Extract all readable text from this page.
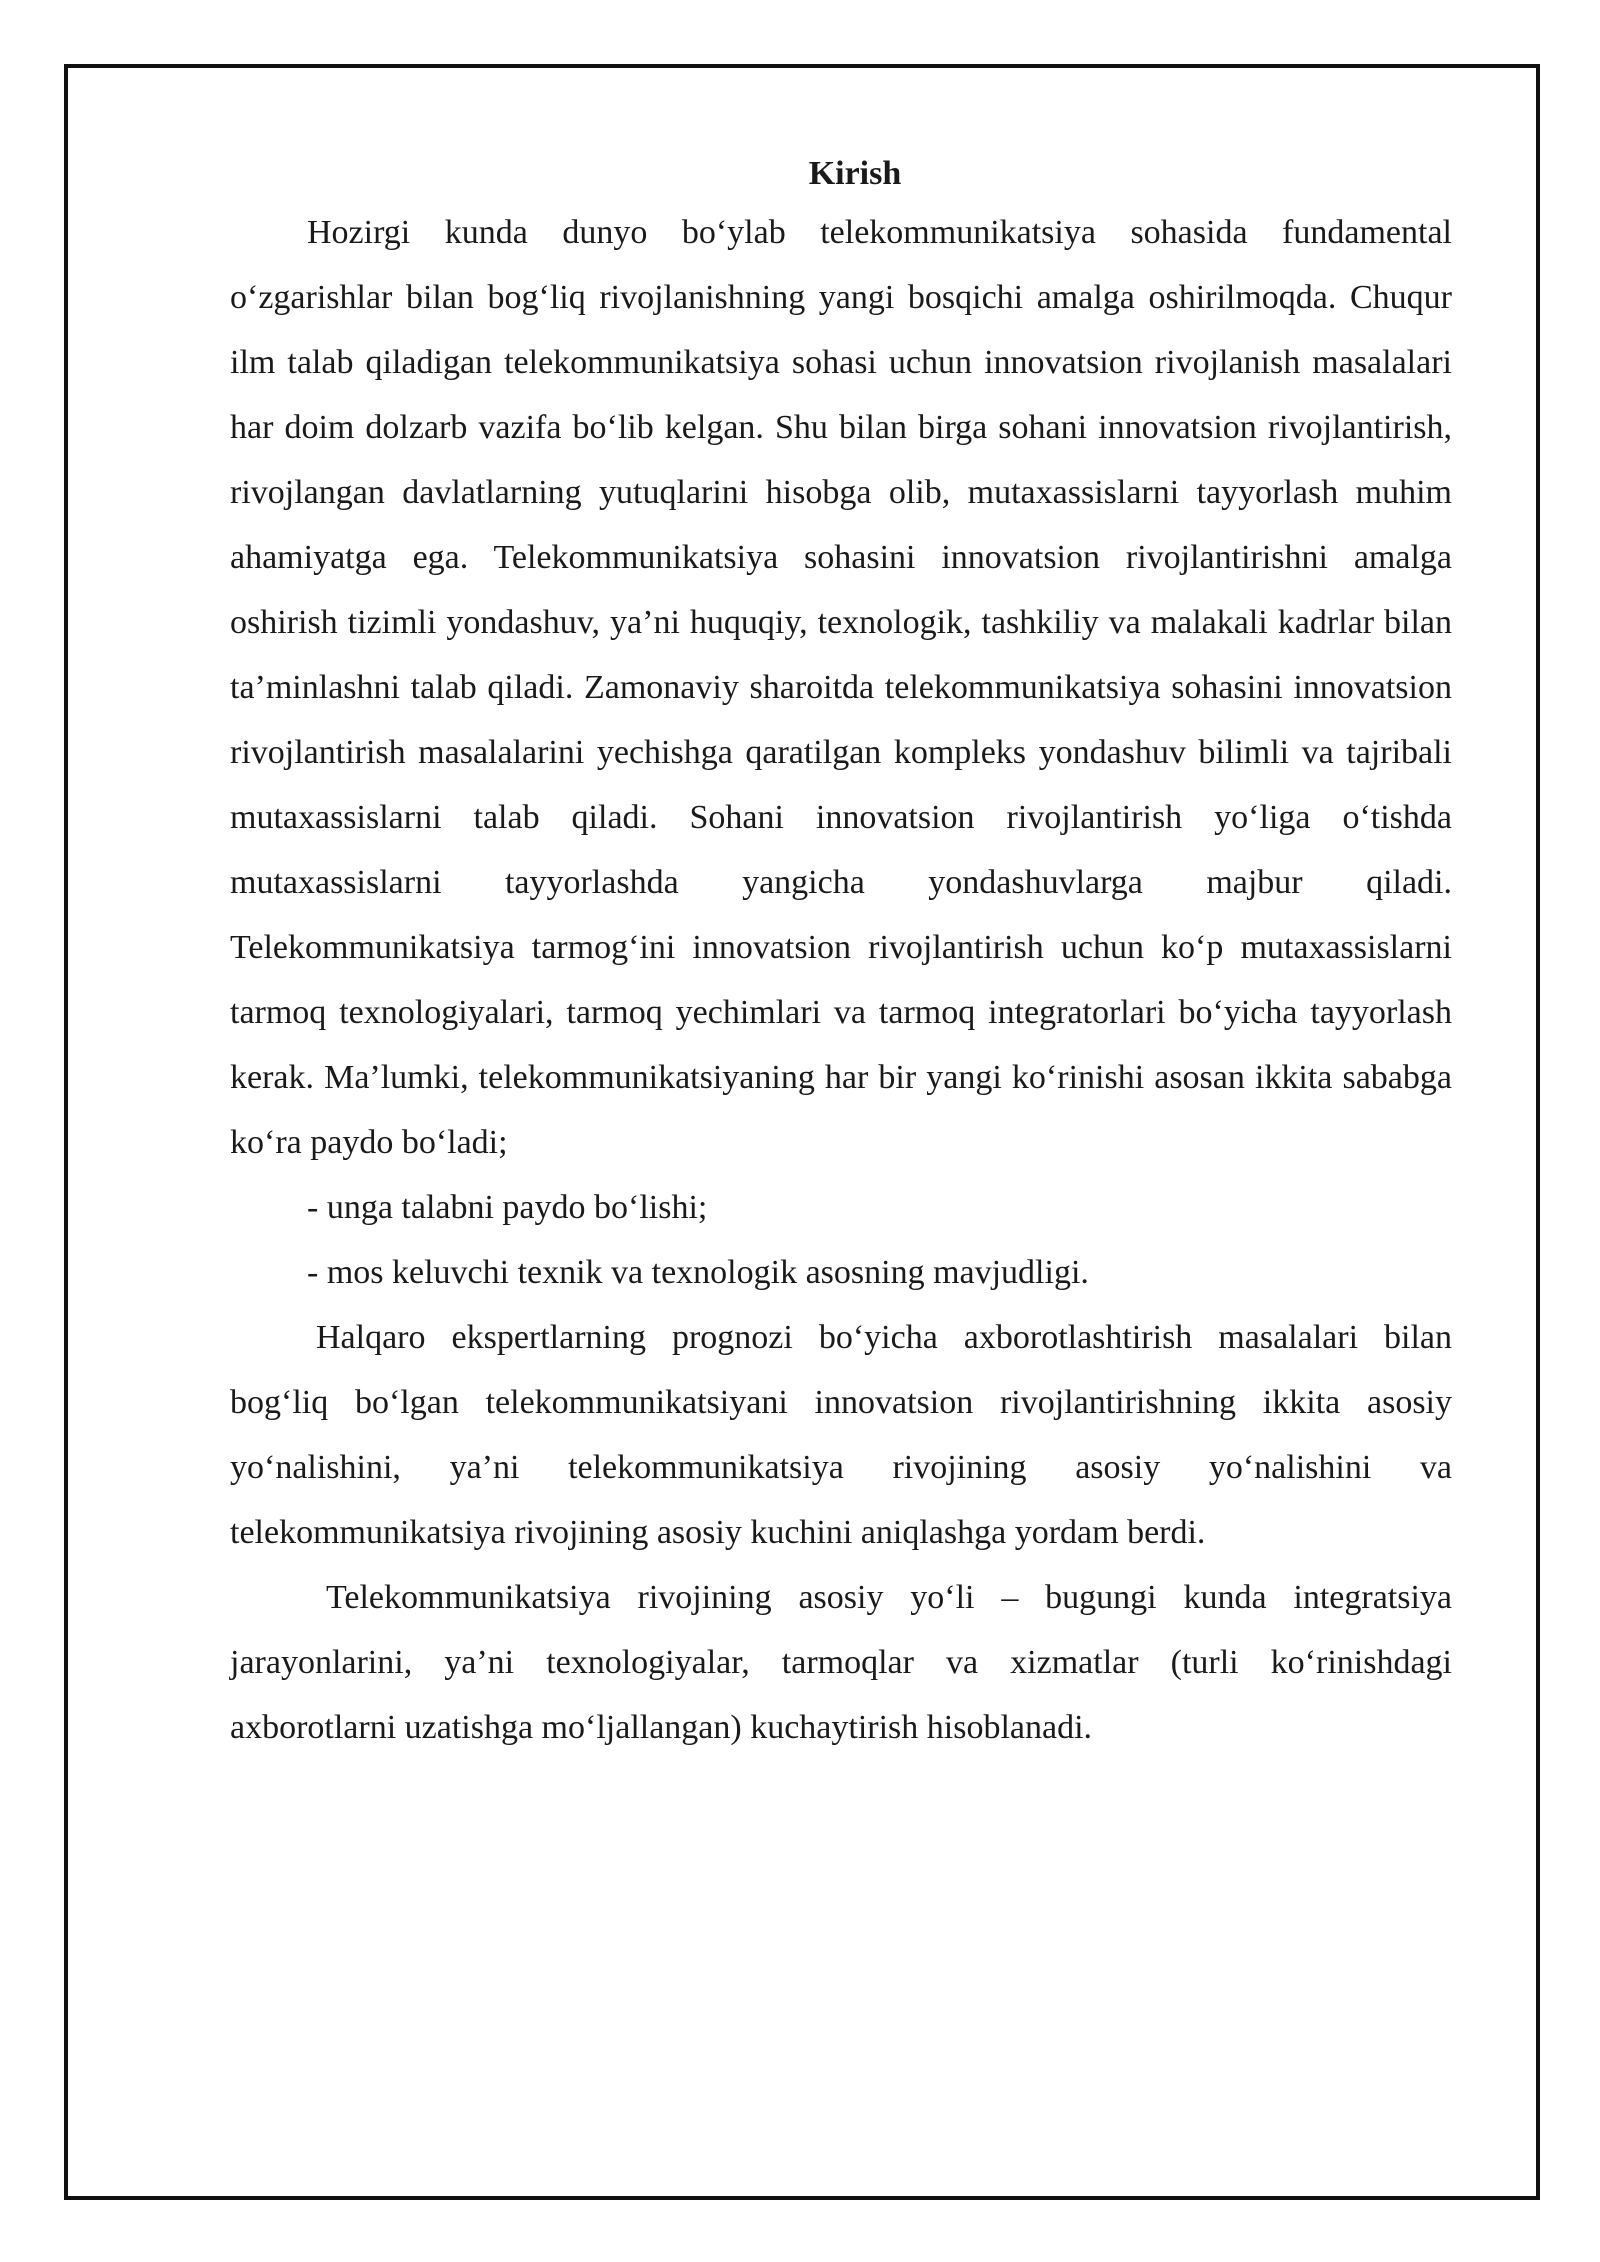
Kirish

Hozirgi kunda dunyo bo‘ylab telekommunikatsiya sohasida fundamental o‘zgarishlar bilan bog‘liq rivojlanishning yangi bosqichi amalga oshirilmoqda. Chuqur ilm talab qiladigan telekommunikatsiya sohasi uchun innovatsion rivojlanish masalalari har doim dolzarb vazifa bo‘lib kelgan. Shu bilan birga sohani innovatsion rivojlantirish, rivojlangan davlatlarning yutuqlarini hisobga olib, mutaxassislarni tayyorlash muhim ahamiyatga ega. Telekommunikatsiya sohasini innovatsion rivojlantirishni amalga oshirish tizimli yondashuv, ya’ni huquqiy, texnologik, tashkiliy va malakali kadrlar bilan ta’minlashni talab qiladi. Zamonaviy sharoitda telekommunikatsiya sohasini innovatsion rivojlantirish masalalarini yechishga qaratilgan kompleks yondashuv bilimli va tajribali mutaxassislarni talab qiladi. Sohani innovatsion rivojlantirish yo‘liga o‘tishda mutaxassislarni tayyorlashda yangicha yondashuvlarga majbur qiladi. Telekommunikatsiya tarmog‘ini innovatsion rivojlantirish uchun ko‘p mutaxassislarni tarmoq texnologiyalari, tarmoq yechimlari va tarmoq integratorlari bo‘yicha tayyorlash kerak. Ma’lumki, telekommunikatsiyaning har bir yangi ko‘rinishi asosan ikkita sababga ko‘ra paydo bo‘ladi;

- unga talabni paydo bo‘lishi;

- mos keluvchi texnik va texnologik asosning mavjudligi.

Halqaro ekspertlarning prognozi bo‘yicha axborotlashtirish masalalari bilan bog‘liq bo‘lgan telekommunikatsiyani innovatsion rivojlantirishning ikkita asosiy yo‘nalishini, ya’ni telekommunikatsiya rivojining asosiy yo‘nalishini va telekommunikatsiya rivojining asosiy kuchini aniqlashga yordam berdi.

Telekommunikatsiya rivojining asosiy yo‘li – bugungi kunda integratsiya jarayonlarini, ya’ni texnologiyalar, tarmoqlar va xizmatlar (turli ko‘rinishdagi axborotlarni uzatishga mo‘ljallangan) kuchaytirish hisoblanadi.
